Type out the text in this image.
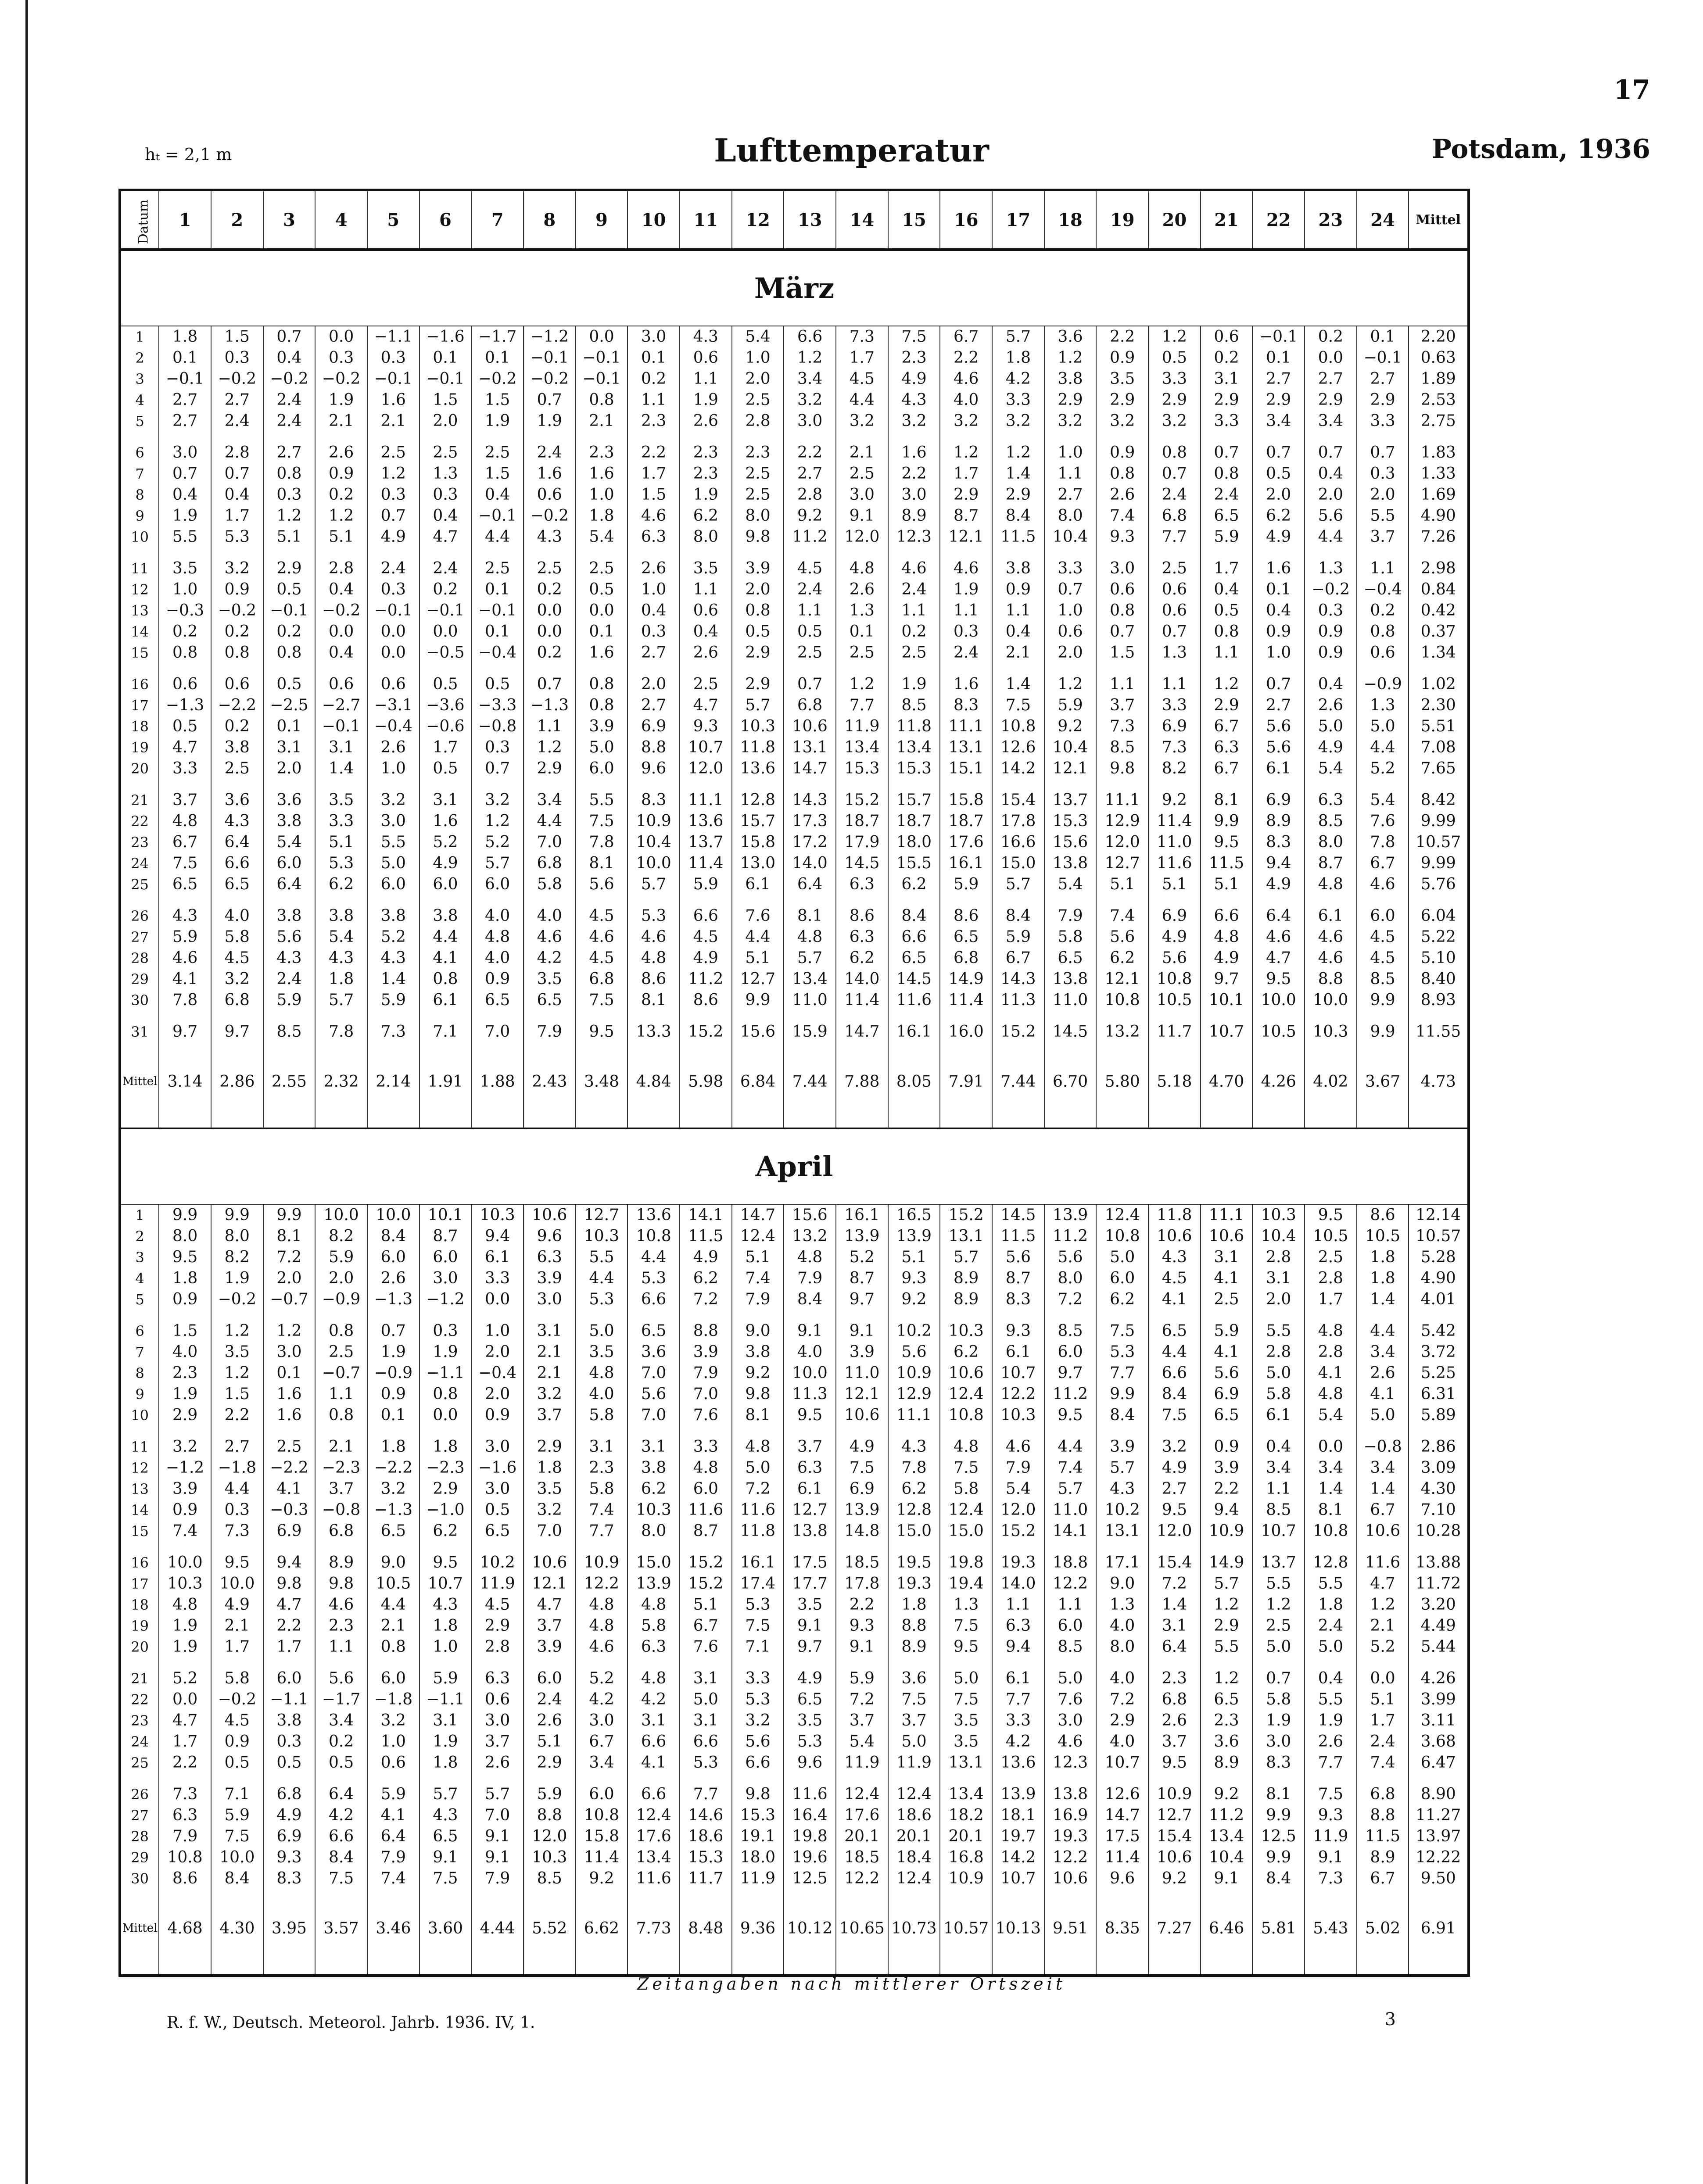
17
hₜ = 2,1 m	Lufttemperatur	Potsdam, 1936
Datum	1	2	3	4	5	6	7	8	9	10	11	12	13	14	15	16	17	18	19	20	21	22	23	24	Mittel
März																									
1	1.8	1.5	0.7	0.0	−1.1	−1.6	−1.7	−1.2	0.0	3.0	4.3	5.4	6.6	7.3	7.5	6.7	5.7	3.6	2.2	1.2	0.6	−0.1	0.2	0.1	2.20
2	0.1	0.3	0.4	0.3	0.3	0.1	0.1	−0.1	−0.1	0.1	0.6	1.0	1.2	1.7	2.3	2.2	1.8	1.2	0.9	0.5	0.2	0.1	0.0	−0.1	0.63
3	−0.1	−0.2	−0.2	−0.2	−0.1	−0.1	−0.2	−0.2	−0.1	0.2	1.1	2.0	3.4	4.5	4.9	4.6	4.2	3.8	3.5	3.3	3.1	2.7	2.7	2.7	1.89
4	2.7	2.7	2.4	1.9	1.6	1.5	1.5	0.7	0.8	1.1	1.9	2.5	3.2	4.4	4.3	4.0	3.3	2.9	2.9	2.9	2.9	2.9	2.9	2.9	2.53
5	2.7	2.4	2.4	2.1	2.1	2.0	1.9	1.9	2.1	2.3	2.6	2.8	3.0	3.2	3.2	3.2	3.2	3.2	3.2	3.2	3.3	3.4	3.4	3.3	2.75

6	3.0	2.8	2.7	2.6	2.5	2.5	2.5	2.4	2.3	2.2	2.3	2.3	2.2	2.1	1.6	1.2	1.2	1.0	0.9	0.8	0.7	0.7	0.7	0.7	1.83
7	0.7	0.7	0.8	0.9	1.2	1.3	1.5	1.6	1.6	1.7	2.3	2.5	2.7	2.5	2.2	1.7	1.4	1.1	0.8	0.7	0.8	0.5	0.4	0.3	1.33
8	0.4	0.4	0.3	0.2	0.3	0.3	0.4	0.6	1.0	1.5	1.9	2.5	2.8	3.0	3.0	2.9	2.9	2.7	2.6	2.4	2.4	2.0	2.0	2.0	1.69
9	1.9	1.7	1.2	1.2	0.7	0.4	−0.1	−0.2	1.8	4.6	6.2	8.0	9.2	9.1	8.9	8.7	8.4	8.0	7.4	6.8	6.5	6.2	5.6	5.5	4.90
10	5.5	5.3	5.1	5.1	4.9	4.7	4.4	4.3	5.4	6.3	8.0	9.8	11.2	12.0	12.3	12.1	11.5	10.4	9.3	7.7	5.9	4.9	4.4	3.7	7.26

11	3.5	3.2	2.9	2.8	2.4	2.4	2.5	2.5	2.5	2.6	3.5	3.9	4.5	4.8	4.6	4.6	3.8	3.3	3.0	2.5	1.7	1.6	1.3	1.1	2.98
12	1.0	0.9	0.5	0.4	0.3	0.2	0.1	0.2	0.5	1.0	1.1	2.0	2.4	2.6	2.4	1.9	0.9	0.7	0.6	0.6	0.4	0.1	−0.2	−0.4	0.84
13	−0.3	−0.2	−0.1	−0.2	−0.1	−0.1	−0.1	0.0	0.0	0.4	0.6	0.8	1.1	1.3	1.1	1.1	1.1	1.0	0.8	0.6	0.5	0.4	0.3	0.2	0.42
14	0.2	0.2	0.2	0.0	0.0	0.0	0.1	0.0	0.1	0.3	0.4	0.5	0.5	0.1	0.2	0.3	0.4	0.6	0.7	0.7	0.8	0.9	0.9	0.8	0.37
15	0.8	0.8	0.8	0.4	0.0	−0.5	−0.4	0.2	1.6	2.7	2.6	2.9	2.5	2.5	2.5	2.4	2.1	2.0	1.5	1.3	1.1	1.0	0.9	0.6	1.34

16	0.6	0.6	0.5	0.6	0.6	0.5	0.5	0.7	0.8	2.0	2.5	2.9	0.7	1.2	1.9	1.6	1.4	1.2	1.1	1.1	1.2	0.7	0.4	−0.9	1.02
17	−1.3	−2.2	−2.5	−2.7	−3.1	−3.6	−3.3	−1.3	0.8	2.7	4.7	5.7	6.8	7.7	8.5	8.3	7.5	5.9	3.7	3.3	2.9	2.7	2.6	1.3	2.30
18	0.5	0.2	0.1	−0.1	−0.4	−0.6	−0.8	1.1	3.9	6.9	9.3	10.3	10.6	11.9	11.8	11.1	10.8	9.2	7.3	6.9	6.7	5.6	5.0	5.0	5.51
19	4.7	3.8	3.1	3.1	2.6	1.7	0.3	1.2	5.0	8.8	10.7	11.8	13.1	13.4	13.4	13.1	12.6	10.4	8.5	7.3	6.3	5.6	4.9	4.4	7.08
20	3.3	2.5	2.0	1.4	1.0	0.5	0.7	2.9	6.0	9.6	12.0	13.6	14.7	15.3	15.3	15.1	14.2	12.1	9.8	8.2	6.7	6.1	5.4	5.2	7.65

21	3.7	3.6	3.6	3.5	3.2	3.1	3.2	3.4	5.5	8.3	11.1	12.8	14.3	15.2	15.7	15.8	15.4	13.7	11.1	9.2	8.1	6.9	6.3	5.4	8.42
22	4.8	4.3	3.8	3.3	3.0	1.6	1.2	4.4	7.5	10.9	13.6	15.7	17.3	18.7	18.7	18.7	17.8	15.3	12.9	11.4	9.9	8.9	8.5	7.6	9.99
23	6.7	6.4	5.4	5.1	5.5	5.2	5.2	7.0	7.8	10.4	13.7	15.8	17.2	17.9	18.0	17.6	16.6	15.6	12.0	11.0	9.5	8.3	8.0	7.8	10.57
24	7.5	6.6	6.0	5.3	5.0	4.9	5.7	6.8	8.1	10.0	11.4	13.0	14.0	14.5	15.5	16.1	15.0	13.8	12.7	11.6	11.5	9.4	8.7	6.7	9.99
25	6.5	6.5	6.4	6.2	6.0	6.0	6.0	5.8	5.6	5.7	5.9	6.1	6.4	6.3	6.2	5.9	5.7	5.4	5.1	5.1	5.1	4.9	4.8	4.6	5.76

26	4.3	4.0	3.8	3.8	3.8	3.8	4.0	4.0	4.5	5.3	6.6	7.6	8.1	8.6	8.4	8.6	8.4	7.9	7.4	6.9	6.6	6.4	6.1	6.0	6.04
27	5.9	5.8	5.6	5.4	5.2	4.4	4.8	4.6	4.6	4.6	4.5	4.4	4.8	6.3	6.6	6.5	5.9	5.8	5.6	4.9	4.8	4.6	4.6	4.5	5.22
28	4.6	4.5	4.3	4.3	4.3	4.1	4.0	4.2	4.5	4.8	4.9	5.1	5.7	6.2	6.5	6.8	6.7	6.5	6.2	5.6	4.9	4.7	4.6	4.5	5.10
29	4.1	3.2	2.4	1.8	1.4	0.8	0.9	3.5	6.8	8.6	11.2	12.7	13.4	14.0	14.5	14.9	14.3	13.8	12.1	10.8	9.7	9.5	8.8	8.5	8.40
30	7.8	6.8	5.9	5.7	5.9	6.1	6.5	6.5	7.5	8.1	8.6	9.9	11.0	11.4	11.6	11.4	11.3	11.0	10.8	10.5	10.1	10.0	10.0	9.9	8.93

31	9.7	9.7	8.5	7.8	7.3	7.1	7.0	7.9	9.5	13.3	15.2	15.6	15.9	14.7	16.1	16.0	15.2	14.5	13.2	11.7	10.7	10.5	10.3	9.9	11.55

Mittel	3.14	2.86	2.55	2.32	2.14	1.91	1.88	2.43	3.48	4.84	5.98	6.84	7.44	7.88	8.05	7.91	7.44	6.70	5.80	5.18	4.70	4.26	4.02	3.67	4.73

April																									
1	9.9	9.9	9.9	10.0	10.0	10.1	10.3	10.6	12.7	13.6	14.1	14.7	15.6	16.1	16.5	15.2	14.5	13.9	12.4	11.8	11.1	10.3	9.5	8.6	12.14
2	8.0	8.0	8.1	8.2	8.4	8.7	9.4	9.6	10.3	10.8	11.5	12.4	13.2	13.9	13.9	13.1	11.5	11.2	10.8	10.6	10.6	10.4	10.5	10.5	10.57
3	9.5	8.2	7.2	5.9	6.0	6.0	6.1	6.3	5.5	4.4	4.9	5.1	4.8	5.2	5.1	5.7	5.6	5.6	5.0	4.3	3.1	2.8	2.5	1.8	5.28
4	1.8	1.9	2.0	2.0	2.6	3.0	3.3	3.9	4.4	5.3	6.2	7.4	7.9	8.7	9.3	8.9	8.7	8.0	6.0	4.5	4.1	3.1	2.8	1.8	4.90
5	0.9	−0.2	−0.7	−0.9	−1.3	−1.2	0.0	3.0	5.3	6.6	7.2	7.9	8.4	9.7	9.2	8.9	8.3	7.2	6.2	4.1	2.5	2.0	1.7	1.4	4.01

6	1.5	1.2	1.2	0.8	0.7	0.3	1.0	3.1	5.0	6.5	8.8	9.0	9.1	9.1	10.2	10.3	9.3	8.5	7.5	6.5	5.9	5.5	4.8	4.4	5.42
7	4.0	3.5	3.0	2.5	1.9	1.9	2.0	2.1	3.5	3.6	3.9	3.8	4.0	3.9	5.6	6.2	6.1	6.0	5.3	4.4	4.1	2.8	2.8	3.4	3.72
8	2.3	1.2	0.1	−0.7	−0.9	−1.1	−0.4	2.1	4.8	7.0	7.9	9.2	10.0	11.0	10.9	10.6	10.7	9.7	7.7	6.6	5.6	5.0	4.1	2.6	5.25
9	1.9	1.5	1.6	1.1	0.9	0.8	2.0	3.2	4.0	5.6	7.0	9.8	11.3	12.1	12.9	12.4	12.2	11.2	9.9	8.4	6.9	5.8	4.8	4.1	6.31
10	2.9	2.2	1.6	0.8	0.1	0.0	0.9	3.7	5.8	7.0	7.6	8.1	9.5	10.6	11.1	10.8	10.3	9.5	8.4	7.5	6.5	6.1	5.4	5.0	5.89

11	3.2	2.7	2.5	2.1	1.8	1.8	3.0	2.9	3.1	3.1	3.3	4.8	3.7	4.9	4.3	4.8	4.6	4.4	3.9	3.2	0.9	0.4	0.0	−0.8	2.86
12	−1.2	−1.8	−2.2	−2.3	−2.2	−2.3	−1.6	1.8	2.3	3.8	4.8	5.0	6.3	7.5	7.8	7.5	7.9	7.4	5.7	4.9	3.9	3.4	3.4	3.4	3.09
13	3.9	4.4	4.1	3.7	3.2	2.9	3.0	3.5	5.8	6.2	6.0	7.2	6.1	6.9	6.2	5.8	5.4	5.7	4.3	2.7	2.2	1.1	1.4	1.4	4.30
14	0.9	0.3	−0.3	−0.8	−1.3	−1.0	0.5	3.2	7.4	10.3	11.6	11.6	12.7	13.9	12.8	12.4	12.0	11.0	10.2	9.5	9.4	8.5	8.1	6.7	7.10
15	7.4	7.3	6.9	6.8	6.5	6.2	6.5	7.0	7.7	8.0	8.7	11.8	13.8	14.8	15.0	15.0	15.2	14.1	13.1	12.0	10.9	10.7	10.8	10.6	10.28

16	10.0	9.5	9.4	8.9	9.0	9.5	10.2	10.6	10.9	15.0	15.2	16.1	17.5	18.5	19.5	19.8	19.3	18.8	17.1	15.4	14.9	13.7	12.8	11.6	13.88
17	10.3	10.0	9.8	9.8	10.5	10.7	11.9	12.1	12.2	13.9	15.2	17.4	17.7	17.8	19.3	19.4	14.0	12.2	9.0	7.2	5.7	5.5	5.5	4.7	11.72
18	4.8	4.9	4.7	4.6	4.4	4.3	4.5	4.7	4.8	4.8	5.1	5.3	3.5	2.2	1.8	1.3	1.1	1.1	1.3	1.4	1.2	1.2	1.8	1.2	3.20
19	1.9	2.1	2.2	2.3	2.1	1.8	2.9	3.7	4.8	5.8	6.7	7.5	9.1	9.3	8.8	7.5	6.3	6.0	4.0	3.1	2.9	2.5	2.4	2.1	4.49
20	1.9	1.7	1.7	1.1	0.8	1.0	2.8	3.9	4.6	6.3	7.6	7.1	9.7	9.1	8.9	9.5	9.4	8.5	8.0	6.4	5.5	5.0	5.0	5.2	5.44

21	5.2	5.8	6.0	5.6	6.0	5.9	6.3	6.0	5.2	4.8	3.1	3.3	4.9	5.9	3.6	5.0	6.1	5.0	4.0	2.3	1.2	0.7	0.4	0.0	4.26
22	0.0	−0.2	−1.1	−1.7	−1.8	−1.1	0.6	2.4	4.2	4.2	5.0	5.3	6.5	7.2	7.5	7.5	7.7	7.6	7.2	6.8	6.5	5.8	5.5	5.1	3.99
23	4.7	4.5	3.8	3.4	3.2	3.1	3.0	2.6	3.0	3.1	3.1	3.2	3.5	3.7	3.7	3.5	3.3	3.0	2.9	2.6	2.3	1.9	1.9	1.7	3.11
24	1.7	0.9	0.3	0.2	1.0	1.9	3.7	5.1	6.7	6.6	6.6	5.6	5.3	5.4	5.0	3.5	4.2	4.6	4.0	3.7	3.6	3.0	2.6	2.4	3.68
25	2.2	0.5	0.5	0.5	0.6	1.8	2.6	2.9	3.4	4.1	5.3	6.6	9.6	11.9	11.9	13.1	13.6	12.3	10.7	9.5	8.9	8.3	7.7	7.4	6.47

26	7.3	7.1	6.8	6.4	5.9	5.7	5.7	5.9	6.0	6.6	7.7	9.8	11.6	12.4	12.4	13.4	13.9	13.8	12.6	10.9	9.2	8.1	7.5	6.8	8.90
27	6.3	5.9	4.9	4.2	4.1	4.3	7.0	8.8	10.8	12.4	14.6	15.3	16.4	17.6	18.6	18.2	18.1	16.9	14.7	12.7	11.2	9.9	9.3	8.8	11.27
28	7.9	7.5	6.9	6.6	6.4	6.5	9.1	12.0	15.8	17.6	18.6	19.1	19.8	20.1	20.1	20.1	19.7	19.3	17.5	15.4	13.4	12.5	11.9	11.5	13.97
29	10.8	10.0	9.3	8.4	7.9	9.1	9.1	10.3	11.4	13.4	15.3	18.0	19.6	18.5	18.4	16.8	14.2	12.2	11.4	10.6	10.4	9.9	9.1	8.9	12.22
30	8.6	8.4	8.3	7.5	7.4	7.5	7.9	8.5	9.2	11.6	11.7	11.9	12.5	12.2	12.4	10.9	10.7	10.6	9.6	9.2	9.1	8.4	7.3	6.7	9.50

Mittel	4.68	4.30	3.95	3.57	3.46	3.60	4.44	5.52	6.62	7.73	8.48	9.36	10.12	10.65	10.73	10.57	10.13	9.51	8.35	7.27	6.46	5.81	5.43	5.02	6.91

Zeitangaben nach mittlerer Ortszeit
R. f. W., Deutsch. Meteorol. Jahrb. 1936. IV, 1.	3
